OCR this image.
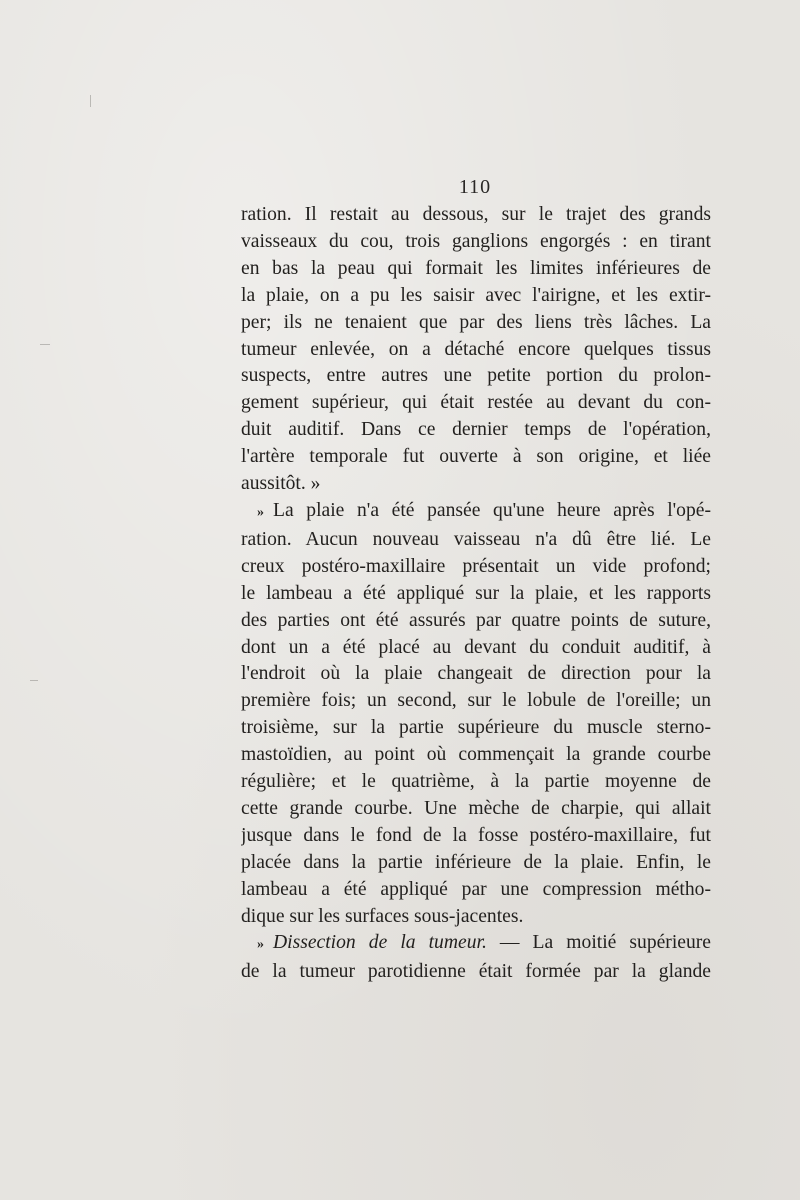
110
ration. Il restait au dessous, sur le trajet des grands
vaisseaux du cou, trois ganglions engorgés : en tirant
en bas la peau qui formait les limites inférieures de
la plaie, on a pu les saisir avec l'airigne, et les extir-
per; ils ne tenaient que par des liens très lâches. La
tumeur enlevée, on a détaché encore quelques tissus
suspects, entre autres une petite portion du prolon-
gement supérieur, qui était restée au devant du con-
duit auditif. Dans ce dernier temps de l'opération,
l'artère temporale fut ouverte à son origine, et liée
aussitôt. »
» La plaie n'a été pansée qu'une heure après l'opé-
ration. Aucun nouveau vaisseau n'a dû être lié. Le
creux postéro-maxillaire présentait un vide profond;
le lambeau a été appliqué sur la plaie, et les rapports
des parties ont été assurés par quatre points de suture,
dont un a été placé au devant du conduit auditif, à
l'endroit où la plaie changeait de direction pour la
première fois; un second, sur le lobule de l'oreille; un
troisième, sur la partie supérieure du muscle sterno-
mastoïdien, au point où commençait la grande courbe
régulière; et le quatrième, à la partie moyenne de
cette grande courbe. Une mèche de charpie, qui allait
jusque dans le fond de la fosse postéro-maxillaire, fut
placée dans la partie inférieure de la plaie. Enfin, le
lambeau a été appliqué par une compression métho-
dique sur les surfaces sous-jacentes.
» Dissection de la tumeur. — La moitié supérieure
de la tumeur parotidienne était formée par la glande
